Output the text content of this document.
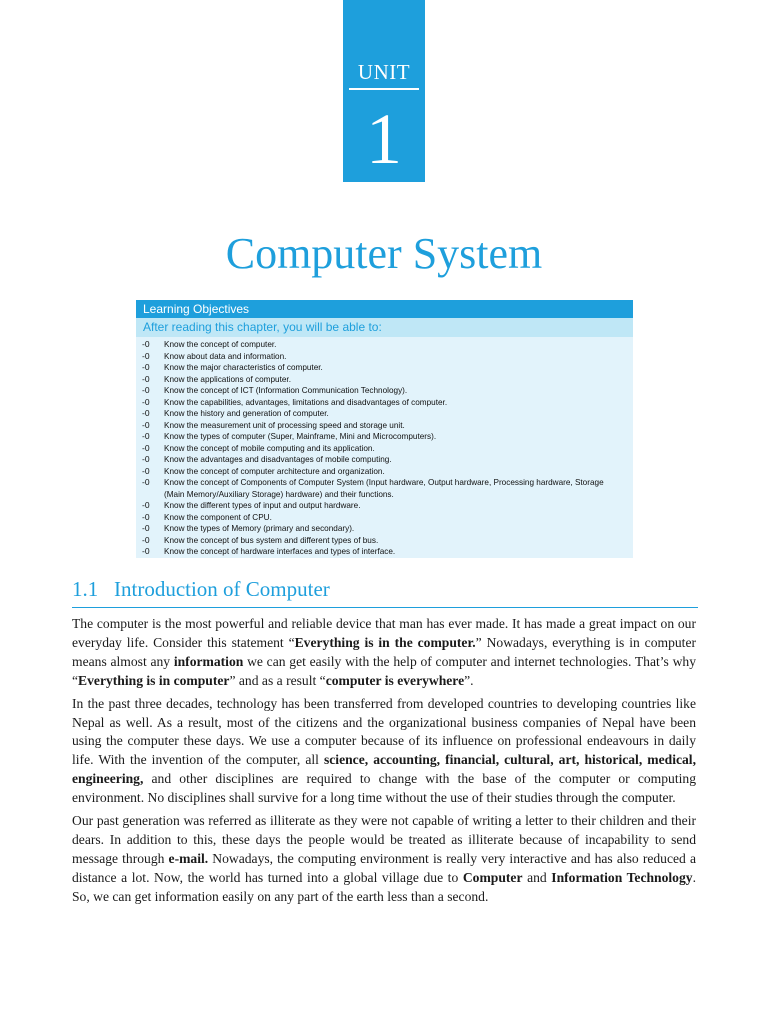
UNIT
1
Computer System
Learning Objectives
After reading this chapter, you will be able to:
-0 Know the concept of computer.
-0 Know about data and information.
-0 Know the major characteristics of computer.
-0 Know the applications of computer.
-0 Know the concept of ICT (Information Communication Technology).
-0 Know the capabilities, advantages, limitations and disadvantages of computer.
-0 Know the history and generation of computer.
-0 Know the measurement unit of processing speed and storage unit.
-0 Know the types of computer (Super, Mainframe, Mini and Microcomputers).
-0 Know the concept of mobile computing and its application.
-0 Know the advantages and disadvantages of mobile computing.
-0 Know the concept of computer architecture and organization.
-0 Know the concept of Components of Computer System (Input hardware, Output hardware, Processing hardware, Storage (Main Memory/Auxiliary Storage) hardware) and their functions.
-0 Know the different types of input and output hardware.
-0 Know the component of CPU.
-0 Know the types of Memory (primary and secondary).
-0 Know the concept of bus system and different types of bus.
-0 Know the concept of hardware interfaces and types of interface.
1.1 Introduction of Computer

The computer is the most powerful and reliable device that man has ever made. It has made a great impact on our everyday life. Consider this statement “Everything is in the computer.” Nowadays, everything is in computer means almost any information we can get easily with the help of computer and internet technologies. That’s why “Everything is in computer” and as a result “computer is everywhere”.

In the past three decades, technology has been transferred from developed countries to developing countries like Nepal as well. As a result, most of the citizens and the organizational business companies of Nepal have been using the computer these days. We use a computer because of its influence on professional endeavours in daily life. With the invention of the computer, all science, accounting, financial, cultural, art, historical, medical, engineering, and other disciplines are required to change with the base of the computer or computing environment. No disciplines shall survive for a long time without the use of their studies through the computer.

Our past generation was referred as illiterate as they were not capable of writing a letter to their children and their dears. In addition to this, these days the people would be treated as illiterate because of incapability to send message through e-mail. Nowadays, the computing environment is really very interactive and has also reduced a distance a lot. Now, the world has turned into a global village due to Computer and Information Technology. So, we can get information easily on any part of the earth less than a second.
